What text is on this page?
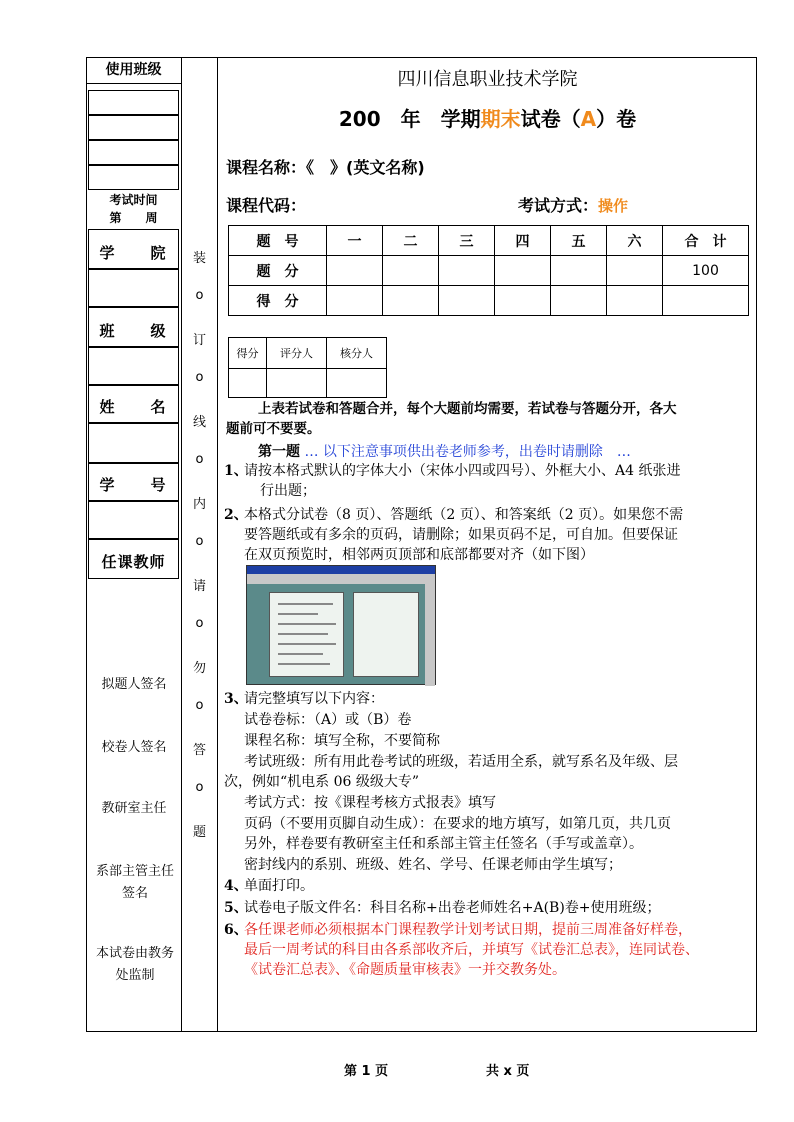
使用班级
考试时间
第　　周
学　　院
班　　级
姓　　名
学　　号
任课教师
拟题人签名
校卷人签名
教研室主任
系部主管主任签名
本试卷由教务处监制
装
o
订
o
线
o
内
o
请
o
勿
o
答
o
题
四川信息职业技术学院
200　年　学期期末试卷（A）卷
课程名称：《　》(英文名称)
课程代码：	考试方式：操作
题　号	一	二	三	四	五	六	合　计
题　分							100
得　分							
得分	评分人	核分人

上表若试卷和答题合并，每个大题前均需要，若试卷与答题分开，各大
题前可不要要。
第一题 … 以下注意事项供出卷老师参考，出卷时请删除　…
1、
请按本格式默认的字体大小（宋体小四或四号）、外框大小、A4 纸张进
行出题；
2、
本格式分试卷（8 页）、答题纸（2 页）、和答案纸（2 页）。如果您不需
要答题纸或有多余的页码，请删除；如果页码不足，可自加。但要保证
在双页预览时，相邻两页顶部和底部都要对齐（如下图）
3、
请完整填写以下内容：
试卷卷标：（A）或（B）卷
课程名称：填写全称，不要简称
考试班级：所有用此卷考试的班级，若适用全系，就写系名及年级、层
次，例如“机电系 06 级级大专”
考试方式：按《课程考核方式报表》填写
页码（不要用页脚自动生成）：在要求的地方填写，如第几页，共几页
另外，样卷要有教研室主任和系部主管主任签名（手写或盖章）。
密封线内的系别、班级、姓名、学号、任课老师由学生填写；
4、
单面打印。
5、
试卷电子版文件名：科目名称+出卷老师姓名+A(B)卷+使用班级；
6、
各任课老师必须根据本门课程教学计划考试日期，提前三周准备好样卷，
最后一周考试的科目由各系部收齐后，并填写《试卷汇总表》，连同试卷、
《试卷汇总表》、《命题质量审核表》一并交教务处。
第 1 页	共 x 页
